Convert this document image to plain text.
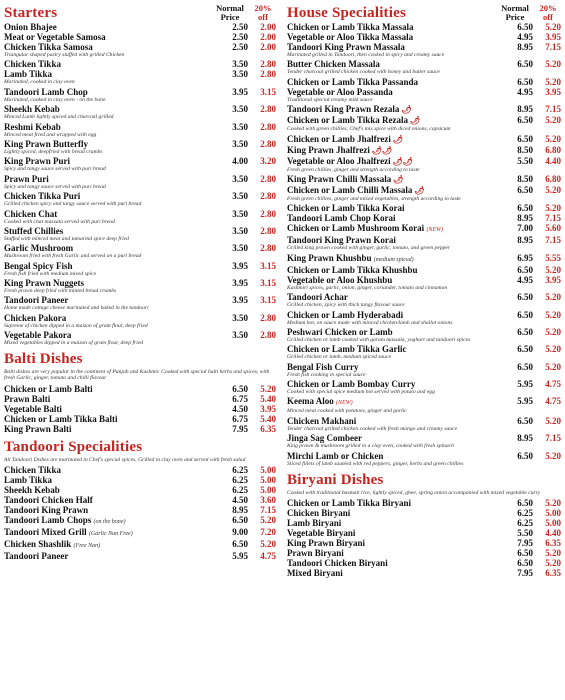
Starters	Normal
Price
20%
off
Onion Bhajee	2.50	2.00
Meat or Vegetable Samosa	2.50	2.00
Chicken Tikka Samosa	2.50	2.00
Triangular shaped pastry stuffed with grilled Chicken
Chicken Tikka	3.50	2.80
Lamb Tikka	3.50	2.80
Marinated, cooked in clay oven
Tandoori Lamb Chop	3.95	3.15
Marinated, cooked in clay oven - on the bone
Sheekh Kebab	3.50	2.80
Minced Lamb lightly spiced and charcoal grilled
Reshmi Kebab	3.50	2.80
Minced meat fried and wrapped with egg
King Prawn Butterfly	3.50	2.80
Lightly spiced, deepfried with bread crumbs
King Prawn Puri	4.00	3.20
Spicy and tangy sauce served with puri bread
Prawn Puri	3.50	2.80
Spicy and tangy sauce served with puri bread
Chicken Tikka Puri	3.50	2.80
Grilled chicken spicy and tangy sauce served with puri bread
Chicken Chat	3.50	2.80
Cooked with chat massala served with puri bread
Stuffed Chillies	3.50	2.80
Stuffed with minced meat and tamarind spice deep fried
Garlic Mushroom	3.50	2.80
Mushroom fried with fresh Garlic and served on a puri bread
Bengal Spicy Fish	3.95	3.15
Fresh fish fried with medium mixed spice
King Prawn Nuggets	3.95	3.15
Fresh prawn deep fried with minted bread crumbs
Tandoori Paneer	3.95	3.15
Home made cottage cheese marinated and baked in the tandoori
Chicken Pakora	3.50	2.80
Supreme of chicken dipped in a maizon of gram flour, deep fried
Vegetable Pakora	3.50	2.80
Mixed vegetables dipped in a maizon of gram flour, deep fried
Balti Dishes
Balti dishes are very popular in the continent of Punjab and Kashmir. Cooked with special balti herbs and spices, with fresh Garlic, ginger, tomato and chilli flavour
Chicken or Lamb Balti	6.50	5.20
Prawn Balti	6.75	5.40
Vegetable Balti	4.50	3.95
Chicken or Lamb Tikka Balti	6.75	5.40
King Prawn Balti	7.95	6.35
Tandoori Specialities
All Tandoori Dishes are marinated in Chef's special spices, Grilled in clay oven and served with fresh salad
Chicken Tikka	6.25	5.00
Lamb Tikka	6.25	5.00
Sheekh Kebab	6.25	5.00
Tandoori Chicken Half	4.50	3.60
Tandoori King Prawn	8.95	7.15
Tandoori Lamb Chops (on the bone)	6.50	5.20
Tandoori Mixed Grill (Garlic Nan Free)	9.00	7.20
Chicken Shashlik (Free Nan)	6.50	5.20
Tandoori Paneer	5.95	4.75
House Specialities	Normal
Price
20%
off
Chicken or Lamb Tikka Massala	6.50	5.20
Vegetable or Aloo Tikka Massala	4.95	3.95
Tandoori King Prawn Massala	8.95	7.15
Marinated grilled in Tandoori, then cooked in spicy and creamy sauce
Butter Chicken Massala	6.50	5.20
Tender charcoal grilled chicken cooked with honey and butter sauce
Chicken or Lamb Tikka Passanda	6.50	5.20
Vegetable or Aloo Passanda	4.95	3.95
Traditional special creamy mild sauce
Tandoori King Prawn Rezala 🌶	8.95	7.15
Chicken or Lamb Tikka Rezala 🌶	6.50	5.20
Cooked with green chillies, Chef's mix spice with diced onions, capsicum
Chicken or Lamb Jhalfrezi 🌶	6.50	5.20
King Prawn Jhalfrezi 🌶🌶	8.50	6.80
Vegetable or Aloo Jhalfrezi 🌶🌶	5.50	4.40
Fresh green chillies, ginger and strength according to taste
King Prawn Chilli Massala 🌶	8.50	6.80
Chicken or Lamb Chilli Massala 🌶	6.50	5.20
Fresh green chillies, ginger and mixed vegetables, strength according to taste
Chicken or Lamb Tikka Korai	6.50	5.20
Tandoori Lamb Chop Korai	8.95	7.15
Chicken or Lamb Mushroom Korai (NEW)	7.00	5.60
Tandoori King Prawn Korai	8.95	7.15
Grilled king prawn cooked with ginger, garlic, tomato, and green pepper
King Prawn Khushbu (medium spiced)	6.95	5.55
Chicken or Lamb Tikka Khushbu	6.50	5.20
Vegetable or Aloo Khushbu	4.95	3.95
Kashmiri spices, garlic, onion, ginger, coriander, tomato and cinnamon
Tandoori Achar	6.50	5.20
Grilled chicken, spicy with thick tangy flavour sauce
Chicken or Lamb Hyderabadi	6.50	5.20
Medium hot, on sauce made with minced chicken/lamb and shallot onions
Peshwari Chicken or Lamb	6.50	5.20
Grilled chicken or lamb cooked with garam massala, yoghurt and tandoori spices
Chicken or Lamb Tikka Garlic	6.50	5.20
Grilled chicken or lamb, medium spiced sauce
Bengal Fish Curry	6.50	5.20
Fresh fish cooking in special sauce
Chicken or Lamb Bombay Curry	5.95	4.75
Cooked with special spice medium hot served with potato and egg
Keema Aloo (NEW)	5.95	4.75
Minced meat cooked with potatoes, ginger and garlic
Chicken Makhani	6.50	5.20
Tender charcoal grilled chicken cooked with fresh mango and creamy sauce
Jinga Sag Combeer	8.95	7.15
King prawn & mushroom grilled in a clay oven, cooked with fresh spinach
Mirchi Lamb or Chicken	6.50	5.20
Sliced fillets of lamb sautéed with red peppers, ginger, herbs and green chillies
Biryani Dishes
Cooked with traditional basmati rice, lightly spiced, ghee, spring onion accompanied with mixed vegetable curry
Chicken or Lamb Tikka Biryani	6.50	5.20
Chicken Biryani	6.25	5.00
Lamb Biryani	6.25	5.00
Vegetable Biryani	5.50	4.40
King Prawn Biryani	7.95	6.35
Prawn Biryani	6.50	5.20
Tandoori Chicken Biryani	6.50	5.20
Mixed Biryani	7.95	6.35
